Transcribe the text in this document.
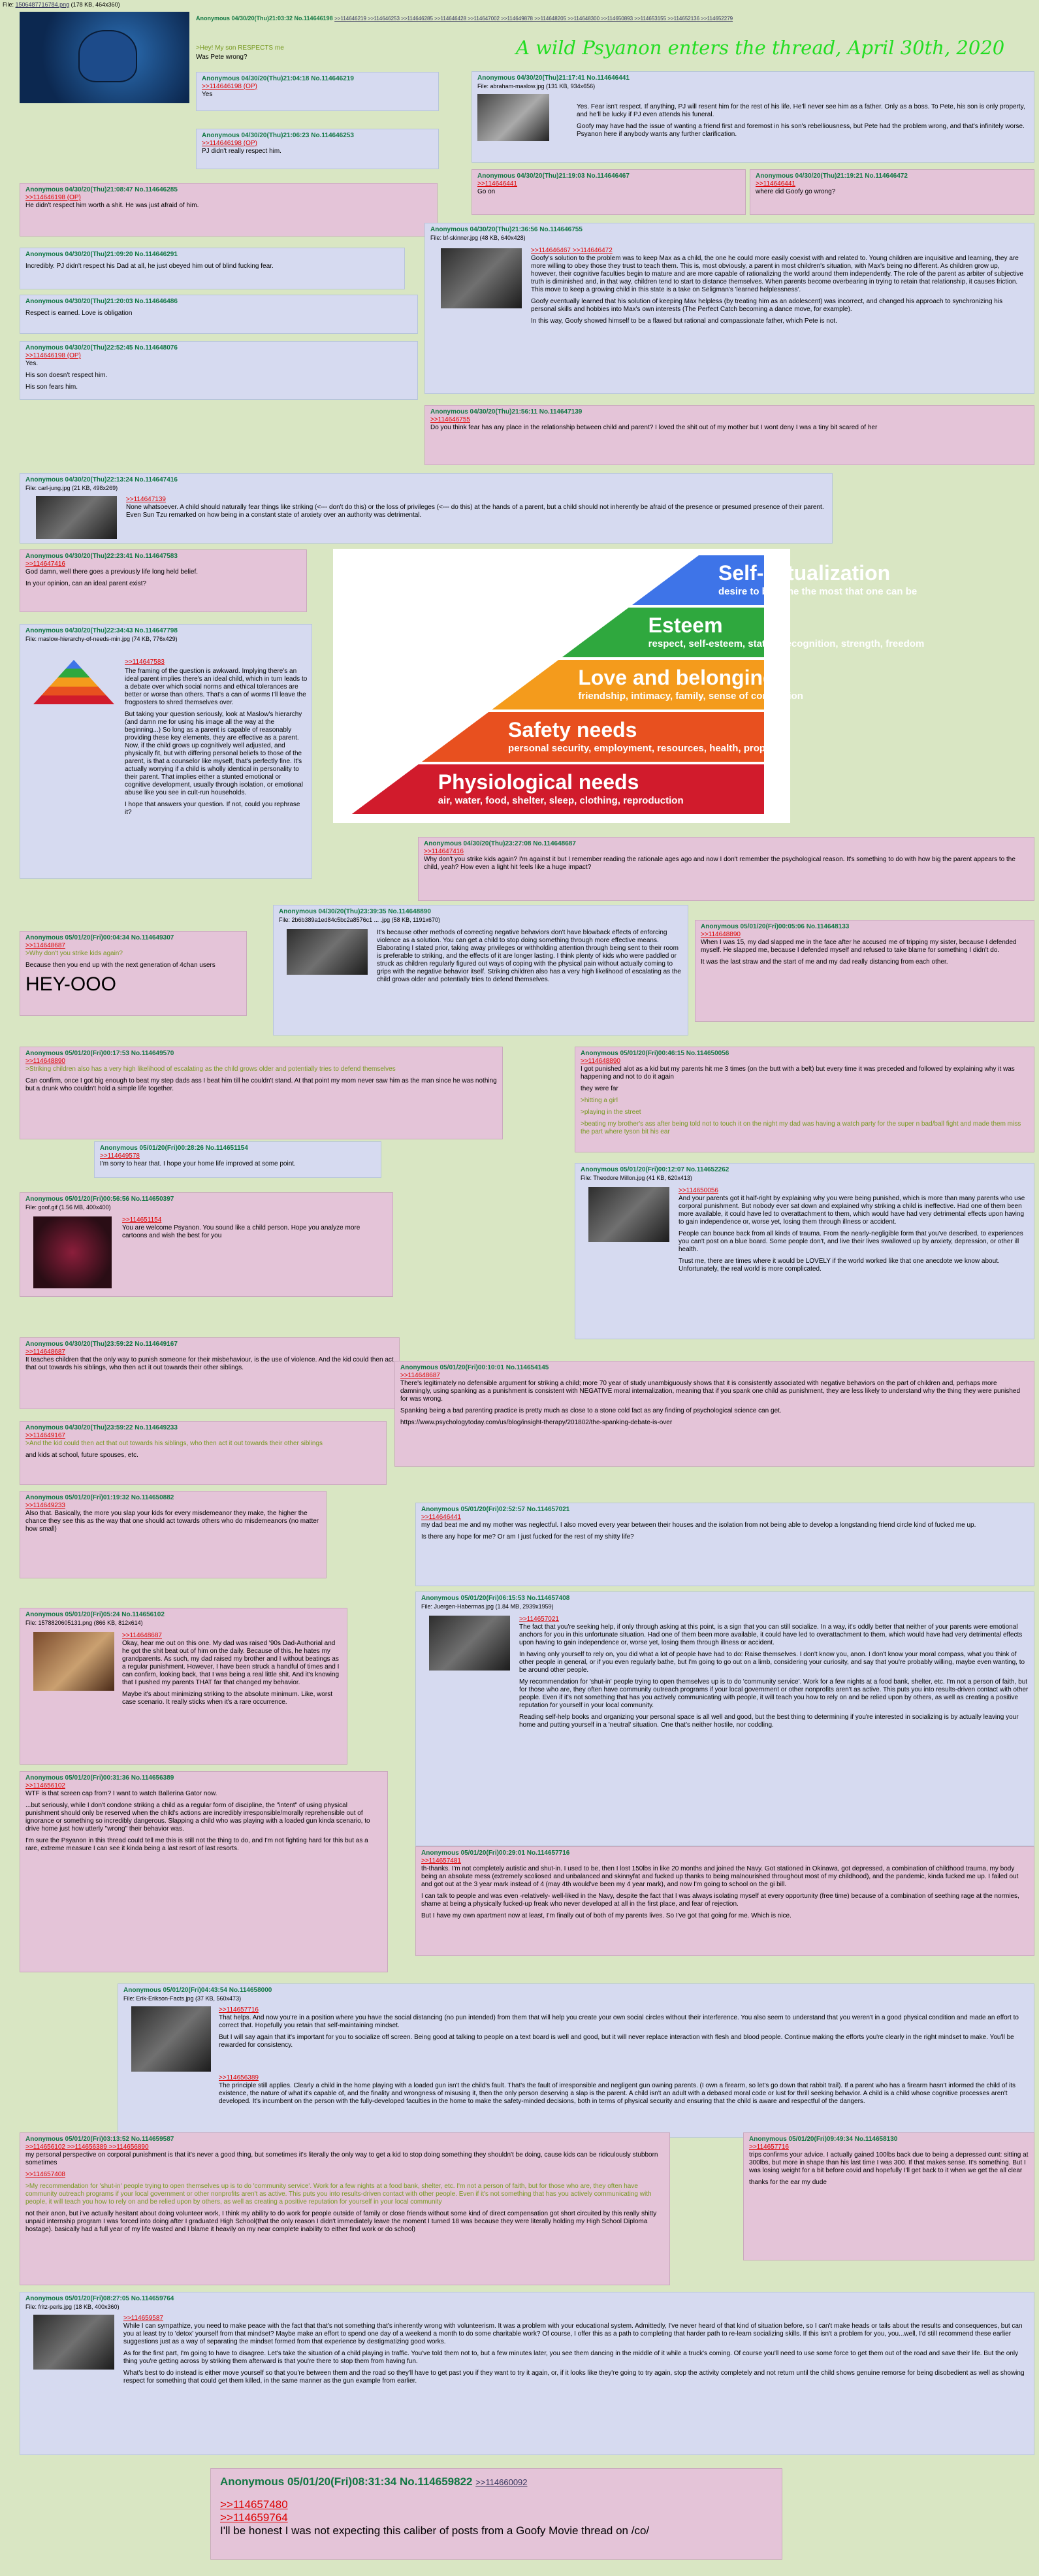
File: 1506487716784.png (178 KB, 464x360)
>Hey! My son RESPECTS me
Was Pete wrong?	A wild Psyanon enters the thread, April 30th, 2020
Anonymous 04/30/20(Thu)21:03:32 No.114646198 >>114646219 >>114646253 >>114646285 >>114646428 >>114647002 >>114649878 >>114648205 >>114648300 >>114650893 >>114653155 >>114652136 >>114652279
Anonymous 04/30/20(Thu)21:04:18 No.114646219
>>114646198 (OP)
Yes
Anonymous 04/30/20(Thu)21:06:23 No.114646253
>>114646198 (OP)
PJ didn't really respect him.
Anonymous 04/30/20(Thu)21:17:41 No.114646441
File: abraham-maslow.jpg (131 KB, 934x656)
Yes. Fear isn't respect. If anything, PJ will resent him for the rest of his life. He'll never see him as a father. Only as a boss. To Pete, his son is only property, and he'll be lucky if PJ even attends his funeral.
Goofy may have had the issue of wanting a friend first and foremost in his son's rebelliousness, but Pete had the problem wrong, and that's infinitely worse. Psyanon here if anybody wants any further clarification.
Anonymous 04/30/20(Thu)21:08:47 No.114646285
>>114646198 (OP)
He didn't respect him worth a shit. He was just afraid of him.
Anonymous 04/30/20(Thu)21:19:03 No.114646467
>>114646441
Go on
Anonymous 04/30/20(Thu)21:19:21 No.114646472
>>114646441
where did Goofy go wrong?
Anonymous 04/30/20(Thu)21:09:20 No.114646291
Incredibly. PJ didn't respect his Dad at all, he just obeyed him out of blind fucking fear.
Anonymous 04/30/20(Thu)21:36:56 No.114646755
File: bf-skinner.jpg (48 KB, 640x428)
>>114646467 >>114646472
Goofy's solution to the problem was to keep Max as a child, the one he could more easily coexist with and related to. Young children are inquisitive and learning, they are more willing to obey those they trust to teach them. This is, most obviously, a parent in most children's situation, with Max's being no different. As children grow up, however, their cognitive faculties begin to mature and are more capable of rationalizing the world around them independently. The role of the parent as arbiter of subjective truth is diminished and, in that way, children tend to start to distance themselves. When parents become overbearing in trying to retain that relationship, it causes friction. This move to keep a growing child in this state is a take on Seligman's 'learned helplessness'.
Goofy eventually learned that his solution of keeping Max helpless (by treating him as an adolescent) was incorrect, and changed his approach to synchronizing his personal skills and hobbies into Max's own interests (The Perfect Catch becoming a dance move, for example).
In this way, Goofy showed himself to be a flawed but rational and compassionate father, which Pete is not.
Anonymous 04/30/20(Thu)21:20:03 No.114646486
Respect is earned. Love is obligation
Anonymous 04/30/20(Thu)22:52:45 No.114648076
>>114646198 (OP)
Yes.
His son doesn't respect him.
His son fears him.
Anonymous 04/30/20(Thu)21:56:11 No.114647139
>>114646755
Do you think fear has any place in the relationship between child and parent? I loved the shit out of my mother but I wont deny I was a tiny bit scared of her
Anonymous 04/30/20(Thu)22:13:24 No.114647416
File: carl-jung.jpg (21 KB, 498x269)
>>114647139
None whatsoever. A child should naturally fear things like striking (<--- don't do this) or the loss of privileges (<--- do this) at the hands of a parent, but a child should not inherently be afraid of the presence or presumed presence of their parent. Even Sun Tzu remarked on how being in a constant state of anxiety over an authority was detrimental.
Anonymous 04/30/20(Thu)22:23:41 No.114647583
>>114647416
God damn, well there goes a previously life long held belief.
In your opinion, can an ideal parent exist?	Self-actualization
desire to become the most that one can be
Esteem
respect, self-esteem, status, recognition, strength, freedom
Love and belonging
friendship, intimacy, family, sense of connection
Safety needs
personal security, employment, resources, health, property
Physiological needs
air, water, food, shelter, sleep, clothing, reproduction
Anonymous 04/30/20(Thu)22:34:43 No.114647798
File: maslow-hierarchy-of-needs-min.jpg (74 KB, 776x429)
>>114647583
The framing of the question is awkward. Implying there's an ideal parent implies there's an ideal child, which in turn leads to a debate over which social norms and ethical tolerances are better or worse than others. That's a can of worms I'll leave the frogposters to shred themselves over.
But taking your question seriously, look at Maslow's hierarchy (and damn me for using his image all the way at the beginning...) So long as a parent is capable of reasonably providing these key elements, they are effective as a parent. Now, if the child grows up cognitively well adjusted, and physically fit, but with differing personal beliefs to those of the parent, is that a counselor like myself, that's perfectly fine. It's actually worrying if a child is wholly identical in personality to their parent. That implies either a stunted emotional or cognitive development, usually through isolation, or emotional abuse like you see in cult-run households.
I hope that answers your question. If not, could you rephrase it?
Anonymous 04/30/20(Thu)23:27:08 No.114648687
>>114647416
Why don't you strike kids again? I'm against it but I remember reading the rationale ages ago and now I don't remember the psychological reason. It's something to do with how big the parent appears to the child, yeah? How even a light hit feels like a huge impact?
Anonymous 05/01/20(Fri)00:04:34 No.114649307
>>114648687
>Why don't you strike kids again?
Because then you end up with the next generation of 4chan users
HEY-OOO
Anonymous 04/30/20(Thu)23:39:35 No.114648890
File: 2b6b389a1ed84c5bc2a8576c1 ... .jpg (58 KB, 1191x670)
It's because other methods of correcting negative behaviors don't have blowback effects of enforcing violence as a solution. You can get a child to stop doing something through more effective means. Elaborating I stated prior, taking away privileges or withholding attention through being sent to their room is preferable to striking, and the effects of it are longer lasting. I think plenty of kids who were paddled or struck as children regularly figured out ways of coping with the physical pain without actually coming to grips with the negative behavior itself. Striking children also has a very high likelihood of escalating as the child grows older and potentially tries to defend themselves.
Anonymous 05/01/20(Fri)00:05:06 No.114648133
>>114648890
When I was 15, my dad slapped me in the face after he accused me of tripping my sister, because I defended myself. He slapped me, because I defended myself and refused to take blame for something I didn't do.
It was the last straw and the start of me and my dad really distancing from each other.
Anonymous 05/01/20(Fri)00:17:53 No.114649570
>>114648890
>Striking children also has a very high likelihood of escalating as the child grows older and potentially tries to defend themselves
Can confirm, once I got big enough to beat my step dads ass I beat him till he couldn't stand. At that point my mom never saw him as the man since he was nothing but a drunk who couldn't hold a simple life together.
Anonymous 05/01/20(Fri)00:46:15 No.114650056
>>114648890
I got punished alot as a kid but my parents hit me 3 times (on the butt with a belt) but every time it was preceded and followed by explaining why it was happening and not to do it again
they were far
>hitting a girl
>playing in the street
>beating my brother's ass after being told not to touch it on the night my dad was having a watch party for the super n bad/ball fight and made them miss the part where tyson bit his ear
Anonymous 05/01/20(Fri)00:28:26 No.114651154
>>114649578
I'm sorry to hear that. I hope your home life improved at some point.
Anonymous 05/01/20(Fri)00:56:56 No.114650397
File: goof.gif (1.56 MB, 400x400)
>>114651154
You are welcome Psyanon. You sound like a child person. Hope you analyze more cartoons and wish the best for you
Anonymous 05/01/20(Fri)00:12:07 No.114652262
File: Theodore Millon.jpg (41 KB, 620x413)
>>114650056
And your parents got it half-right by explaining why you were being punished, which is more than many parents who use corporal punishment. But nobody ever sat down and explained why striking a child is ineffective. Had one of them been more available, it could have led to overattachment to them, which would have had very detrimental effects upon having to gain independence or, worse yet, losing them through illness or accident.
People can bounce back from all kinds of trauma. From the nearly-negligible form that you've described, to experiences you can't post on a blue board. Some people don't, and live their lives swallowed up by anxiety, depression, or other ill health.
Trust me, there are times where it would be LOVELY if the world worked like that one anecdote we know about. Unfortunately, the real world is more complicated.
Anonymous 04/30/20(Thu)23:59:22 No.114649167
>>114648687
It teaches children that the only way to punish someone for their misbehaviour, is the use of violence. And the kid could then act that out towards his siblings, who then act it out towards their other siblings.	Anonymous 05/01/20(Fri)00:10:01 No.114654145
>>114648687
There's legitimately no defensible argument for striking a child; more 70 year of study unambiguously shows that it is consistently associated with negative behaviors on the part of children and, perhaps more damningly, using spanking as a punishment is consistent with NEGATIVE moral internalization, meaning that if you spank one child as punishment, they are less likely to understand why the thing they were punished for was wrong.
Spanking being a bad parenting practice is pretty much as close to a stone cold fact as any finding of psychological science can get.
https://www.psychologytoday.com/us/blog/insight-therapy/201802/the-spanking-debate-is-over
Anonymous 04/30/20(Thu)23:59:22 No.114649233
>>114649167
>And the kid could then act that out towards his siblings, who then act it out towards their other siblings
and kids at school, future spouses, etc.
Anonymous 05/01/20(Fri)01:19:32 No.114650882
>>114649233
Also that. Basically, the more you slap your kids for every misdemeanor they make, the higher the chance they see this as the way that one should act towards others who do misdemeanors (no matter how small)
Anonymous 05/01/20(Fri)02:52:57 No.114657021
>>114646441
my dad beat me and my mother was neglectful. I also moved every year between their houses and the isolation from not being able to develop a longstanding friend circle kind of fucked me up.
Is there any hope for me? Or am I just fucked for the rest of my shitty life?
Anonymous 05/01/20(Fri)05:24 No.114656102
File: 1578820605131.png (866 KB, 812x614)
>>114648687
Okay, hear me out on this one. My dad was raised '90s Dad-Authorial and he got the shit beat out of him on the daily. Because of this, he hates my grandparents. As such, my dad raised my brother and I without beatings as a regular punishment. However, I have been struck a handful of times and I can confirm, looking back, that I was being a real little shit. And it's knowing that I pushed my parents THAT far that changed my behavior.
Maybe it's about minimizing striking to the absolute minimum. Like, worst case scenario. It really sticks when it's a rare occurrence.
Anonymous 05/01/20(Fri)06:15:53 No.114657408
File: Juergen-Habermas.jpg (1.84 MB, 2939x1959)
>>114657021
The fact that you're seeking help, if only through asking at this point, is a sign that you can still socialize. In a way, it's oddly better that neither of your parents were emotional anchors for you in this unfortunate situation. Had one of them been more available, it could have led to overattachment to them, which would have had very detrimental effects upon having to gain independence or, worse yet, losing them through illness or accident.
In having only yourself to rely on, you did what a lot of people have had to do: Raise themselves. I don't know you, anon. I don't know your moral compass, what you think of other people in general, or if you even regularly bathe, but I'm going to go out on a limb, considering your curiosity, and say that you're probably willing, maybe even wanting, to be around other people.
My recommendation for 'shut-in' people trying to open themselves up is to do 'community service'. Work for a few nights at a food bank, shelter, etc. I'm not a person of faith, but for those who are, they often have community outreach programs if your local government or other nonprofits aren't as active. This puts you into results-driven contact with other people. Even if it's not something that has you actively communicating with people, it will teach you how to rely on and be relied upon by others, as well as creating a positive reputation for yourself in your local community.
Reading self-help books and organizing your personal space is all well and good, but the best thing to determining if you're interested in socializing is by actually leaving your home and putting yourself in a 'neutral' situation. One that's neither hostile, nor coddling.
Anonymous 05/01/20(Fri)00:31:36 No.114656389
>>114656102
WTF is that screen cap from? I want to watch Ballerina Gator now.
...but seriously, while I don't condone striking a child as a regular form of discipline, the "intent" of using physical punishment should only be reserved when the child's actions are incredibly irresponsible/morally reprehensible out of ignorance or something so incredibly dangerous. Slapping a child who was playing with a loaded gun kinda scenario, to drive home just how utterly "wrong" their behavior was.
I'm sure the Psyanon in this thread could tell me this is still not the thing to do, and I'm not fighting hard for this but as a rare, extreme measure I can see it kinda being a last resort of last resorts.
Anonymous 05/01/20(Fri)00:29:01 No.114657716
>>114657481
th-thanks. I'm not completely autistic and shut-in. I used to be, then I lost 150lbs in like 20 months and joined the Navy. Got stationed in Okinawa, got depressed, a combination of childhood trauma, my body being an absolute mess (extremely scoliosed and unbalanced and skinnyfat and fucked up thanks to being malnourished throughout most of my childhood), and the pandemic, kinda fucked me up. I failed out and got out at the 3 year mark instead of 4 (may 4th would've been my 4 year mark), and now I'm going to school on the gi bill.
I can talk to people and was even -relatively- well-liked in the Navy, despite the fact that I was always isolating myself at every opportunity (free time) because of a combination of seething rage at the normies, shame at being a physically fucked-up freak who never developed at all in the first place, and fear of rejection.
But I have my own apartment now at least, I'm finally out of both of my parents lives. So I've got that going for me. Which is nice.
Anonymous 05/01/20(Fri)04:43:54 No.114658000
File: Erik-Erikson-Facts.jpg (37 KB, 560x473)
>>114657716
That helps. And now you're in a position where you have the social distancing (no pun intended) from them that will help you create your own social circles without their interference. You also seem to understand that you weren't in a good physical condition and made an effort to correct that. Hopefully you retain that self-maintaining mindset.
But I will say again that it's important for you to socialize off screen. Being good at talking to people on a text board is well and good, but it will never replace interaction with flesh and blood people. Continue making the efforts you're clearly in the right mindset to make. You'll be rewarded for consistency.
>>114656389
The principle still applies. Clearly a child in the home playing with a loaded gun isn't the child's fault. That's the fault of irresponsible and negligent gun owning parents. (I own a firearm, so let's go down that rabbit trail). If a parent who has a firearm hasn't informed the child of its existence, the nature of what it's capable of, and the finality and wrongness of misusing it, then the only person deserving a slap is the parent. A child isn't an adult with a debased moral code or lust for thrill seeking behavior. A child is a child whose cognitive processes aren't developed. It's incumbent on the person with the fully-developed faculties in the home to make the safety-minded decisions, both in terms of physical security and ensuring that the child is aware and respectful of the dangers.
Anonymous 05/01/20(Fri)03:13:52 No.114659587
>>114656102 >>114656389 >>114656890
my personal perspective on corporal punishment is that it's never a good thing, but sometimes it's literally the only way to get a kid to stop doing something they shouldn't be doing, cause kids can be ridiculously stubborn sometimes
>>114657408
>My recommendation for 'shut-in' people trying to open themselves up is to do 'community service'. Work for a few nights at a food bank, shelter, etc. I'm not a person of faith, but for those who are, they often have community outreach programs if your local government or other nonprofits aren't as active. This puts you into results-driven contact with other people. Even if it's not something that has you actively communicating with people, it will teach you how to rely on and be relied upon by others, as well as creating a positive reputation for yourself in your local community
not their anon, but i've actually hesitant about doing volunteer work, I think my ability to do work for people outside of family or close friends without some kind of direct compensation got short circuited by this really shitty unpaid internship program I was forced into doing after I graduated High School(that the only reason I didn't immediately leave the moment I turned 18 was because they were literally holding my High School Diploma hostage). basically had a full year of my life wasted and I blame it heavily on my near complete inability to either find work or do school)
Anonymous 05/01/20(Fri)09:49:34 No.114658130
>>114657716
trips confirms your advice. I actually gained 100lbs back due to being a depressed cunt: sitting at 300lbs, but more in shape than his last time I was 300. If that makes sense. It's something. But I was losing weight for a bit before covid and hopefully I'll get back to it when we get the all clear
thanks for the ear my dude
Anonymous 05/01/20(Fri)08:27:05 No.114659764
File: fritz-perls.jpg (18 KB, 400x360)
>>114659587
While I can sympathize, you need to make peace with the fact that that's not something that's inherently wrong with volunteerism. It was a problem with your educational system. Admittedly, I've never heard of that kind of situation before, so I can't make heads or tails about the results and consequences, but can you at least try to 'detox' yourself from that mindset? Maybe make an effort to spend one day of a weekend a month to do some charitable work? Of course, I offer this as a path to completing that harder path to re-learn socializing skills. If this isn't a problem for you, you...well, I'd still recommend these earlier suggestions just as a way of separating the mindset formed from that experience by destigmatizing good works.
As for the first part, I'm going to have to disagree. Let's take the situation of a child playing in traffic. You've told them not to, but a few minutes later, you see them dancing in the middle of it while a truck's coming. Of course you'll need to use some force to get them out of the road and save their life. But the only thing you're getting across by striking them afterward is that you're there to stop them from having fun.
What's best to do instead is either move yourself so that you're between them and the road so they'll have to get past you if they want to try it again, or, if it looks like they're going to try again, stop the activity completely and not return until the child shows genuine remorse for being disobedient as well as showing respect for something that could get them killed, in the same manner as the gun example from earlier.
Anonymous 05/01/20(Fri)08:31:34 No.114659822 >>114660092
>>114657480
>>114659764
I'll be honest I was not expecting this caliber of posts from a Goofy Movie thread on /co/
